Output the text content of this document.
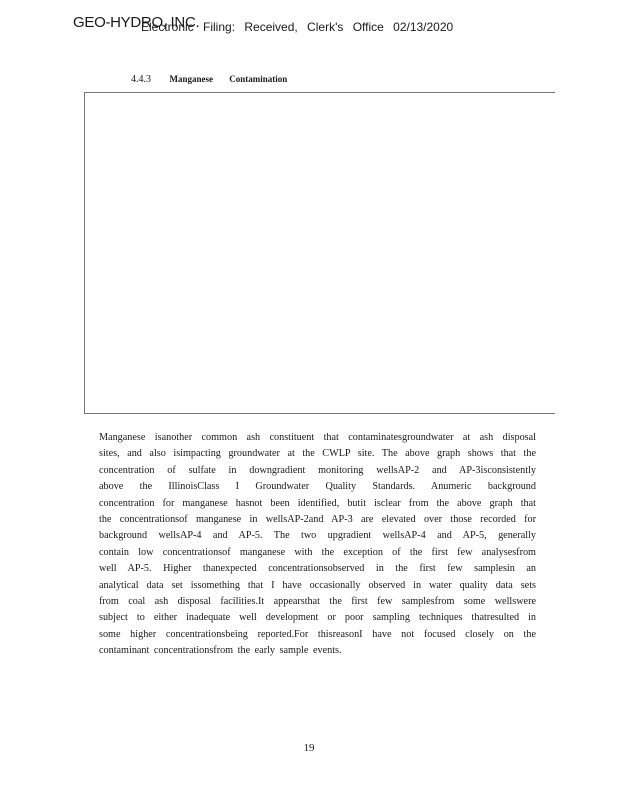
GEO-HYDRO, INC.
Electronic Filing: Received, Clerk's Office 02/13/2020
4.4.3 Manganese Contamination
Manganese isanother common ash constituent that contaminatesgroundwater at ash disposal
sites, and also isimpacting groundwater at the CWLP site. The above graph shows that the
concentration of sulfate in downgradient monitoring wellsAP-2 and AP-3isconsistently
above the IllinoisClass I Groundwater Quality Standards. Anumeric background
concentration for manganese hasnot been identified, butit isclear from the above graph that
the concentrationsof manganese in wellsAP-2and AP-3 are elevated over those recorded for
background wellsAP-4 and AP-5. The two upgradient wellsAP-4 and AP-5, generally
contain low concentrationsof manganese with the exception of the first few analysesfrom
well AP-5. Higher thanexpected concentrationsobserved in the first few samplesin an
analytical data set issomething that I have occasionally observed in water quality data sets
from coal ash disposal facilities.It appearsthat the first few samplesfrom some wellswere
subject to either inadequate well development or poor sampling techniques thatresulted in
some higher concentrationsbeing reported.For thisreasonI have not focused closely on the
contaminant concentrationsfrom the early sample events.
19
